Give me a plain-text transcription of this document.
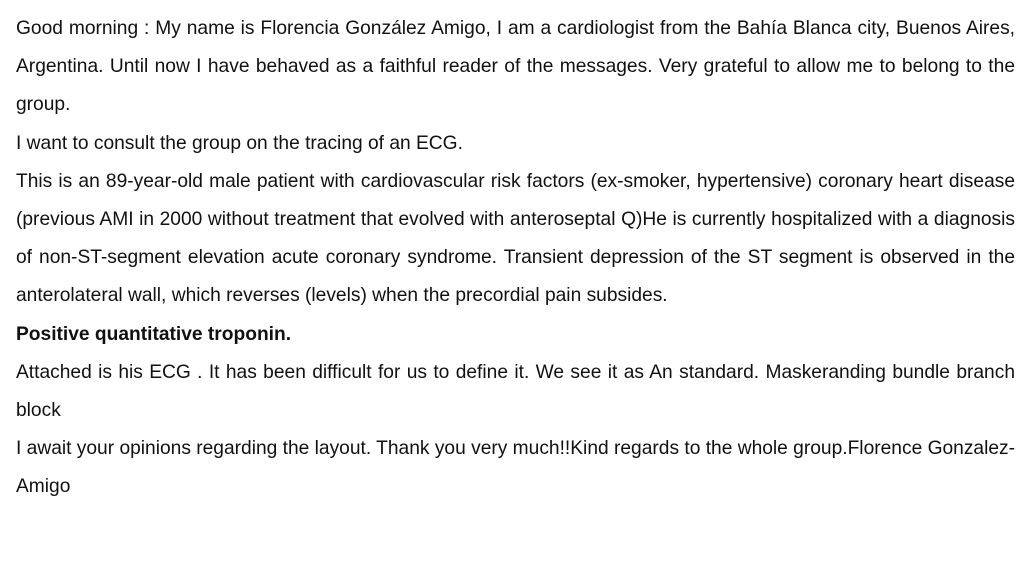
Good morning : My name is Florencia González Amigo, I am a cardiologist from the Bahía Blanca city, Buenos Aires, Argentina. Until now I have behaved as a faithful reader of the messages. Very grateful to allow me to belong to the group.

I want to consult the group on the tracing of an ECG.

This is an 89-year-old male patient with cardiovascular risk factors (ex-smoker, hypertensive) coronary heart disease (previous AMI in 2000 without treatment that evolved with anteroseptal Q)He is currently hospitalized with a diagnosis of non-ST-segment elevation acute coronary syndrome. Transient depression of the ST segment is observed in the anterolateral wall, which reverses (levels) when the precordial pain subsides.

Positive quantitative troponin.

Attached is his ECG . It has been difficult for us to define it. We see it as An standard. Maskeranding bundle branch block

I await your opinions regarding the layout. Thank you very much!!Kind regards to the whole group.Florence Gonzalez-Amigo
